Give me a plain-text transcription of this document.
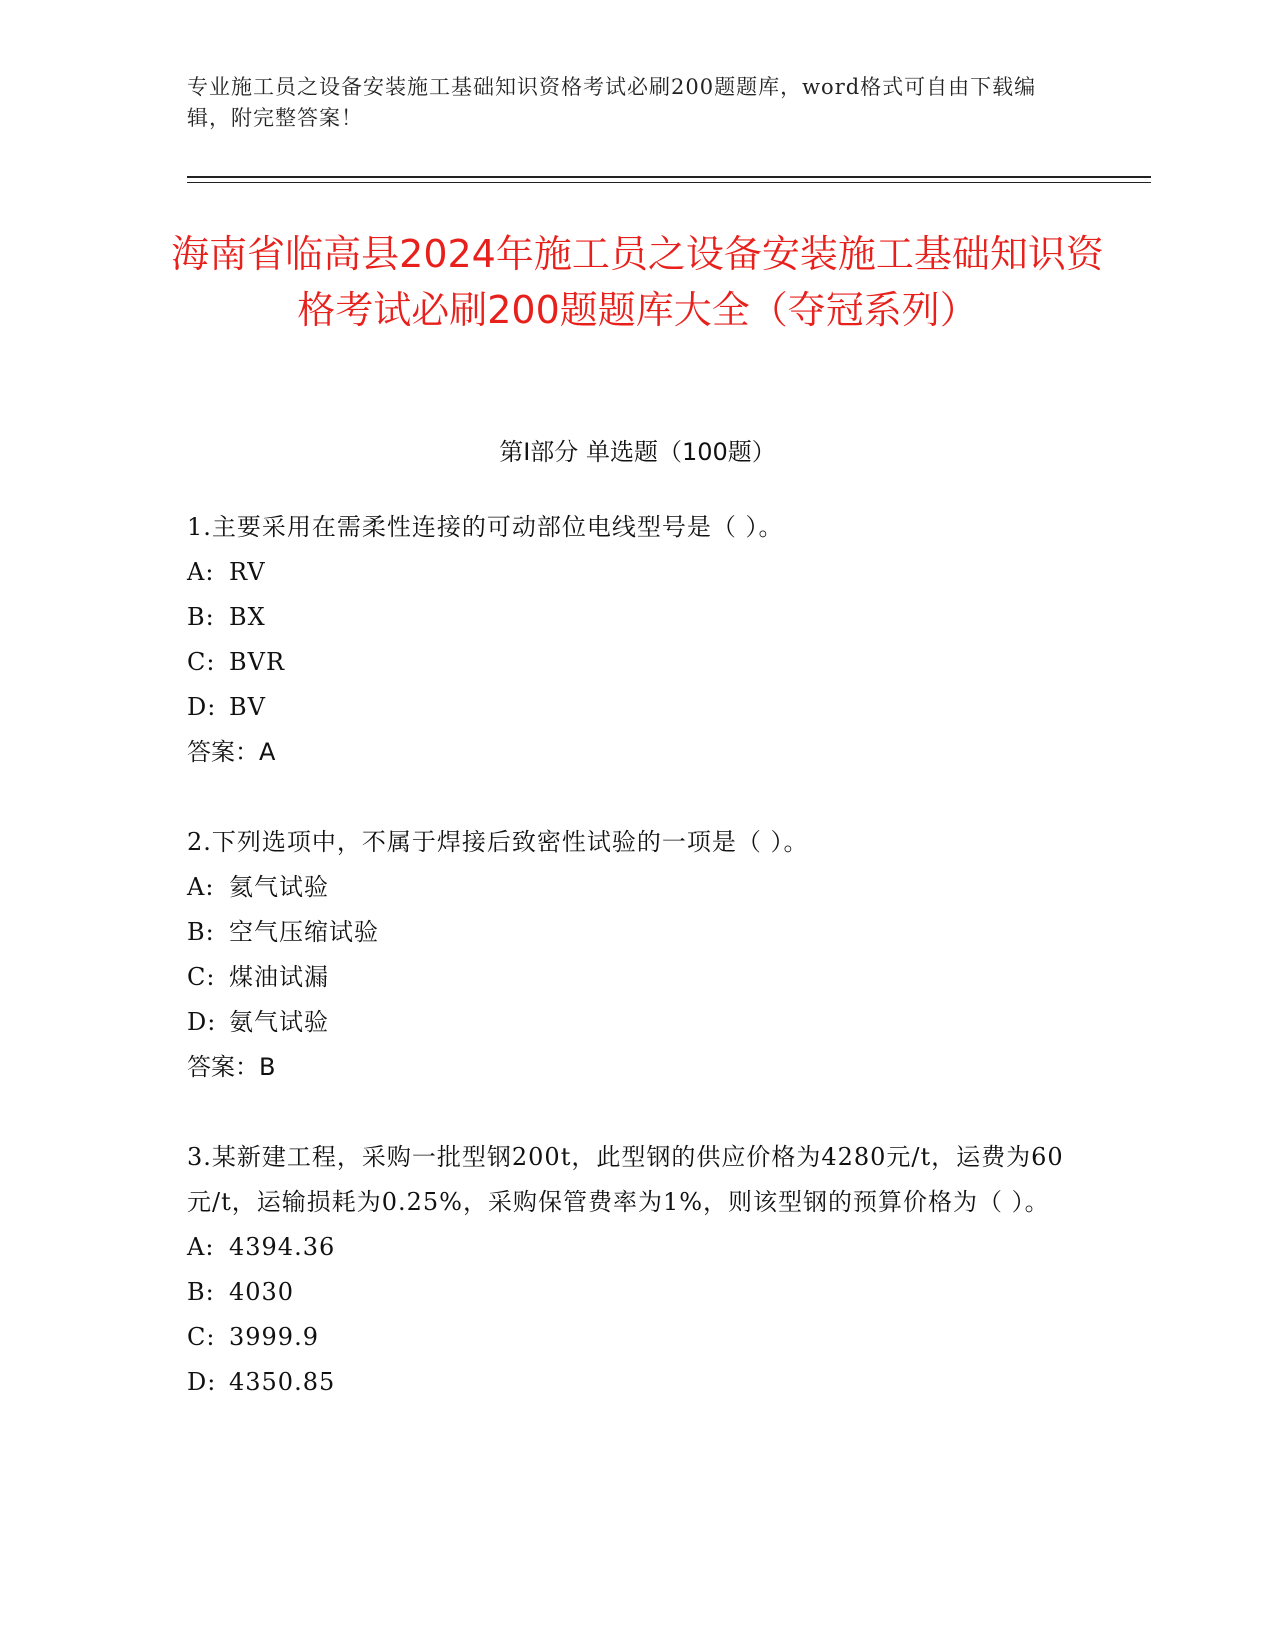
专业施工员之设备安装施工基础知识资格考试必刷200题题库，word格式可自由下载编辑，附完整答案！
海南省临高县2024年施工员之设备安装施工基础知识资格考试必刷200题题库大全（夺冠系列）
第I部分 单选题（100题）
1.主要采用在需柔性连接的可动部位电线型号是（ ）。
A: RV
B: BX
C: BVR
D: BV
答案：A
2.下列选项中，不属于焊接后致密性试验的一项是（ ）。
A: 氦气试验
B: 空气压缩试验
C: 煤油试漏
D: 氨气试验
答案：B
3.某新建工程，采购一批型钢200t，此型钢的供应价格为4280元/t，运费为60元/t，运输损耗为0.25%，采购保管费率为1%，则该型钢的预算价格为（ ）。
A: 4394.36
B: 4030
C: 3999.9
D: 4350.85
